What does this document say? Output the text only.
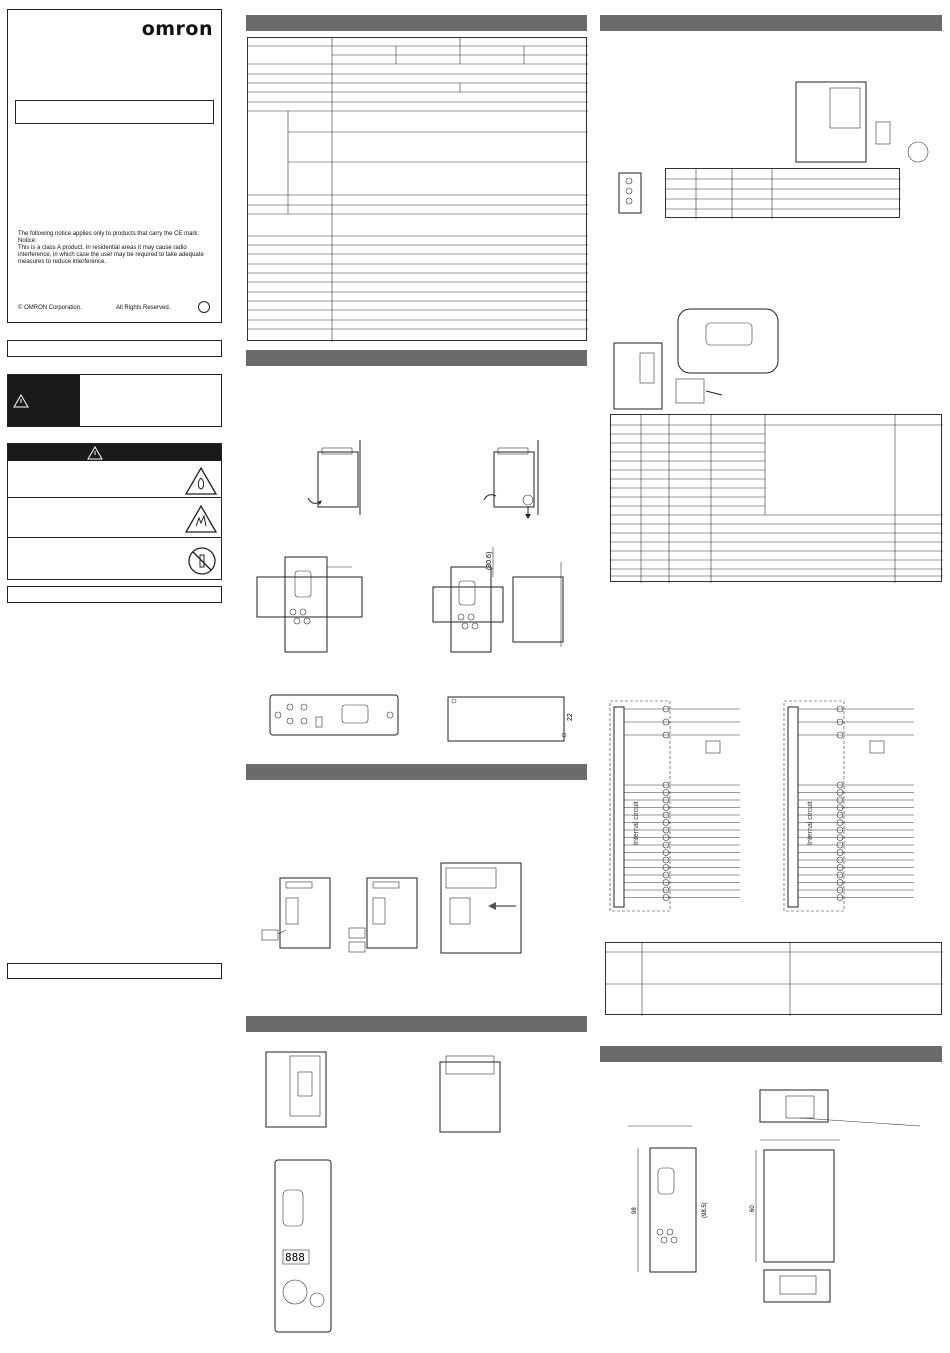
omron
The following notice applies only to products that carry the CE mark:
Notice:
This is a class A product. In residential areas it may cause radio
interference, in which case the user may be required to take adequate
measures to reduce interference.
© OMRON Corporation.	All Rights Reserved.
(30.6)
22
888
Internal circuit	Internal circuit
98	(98.5)	60
